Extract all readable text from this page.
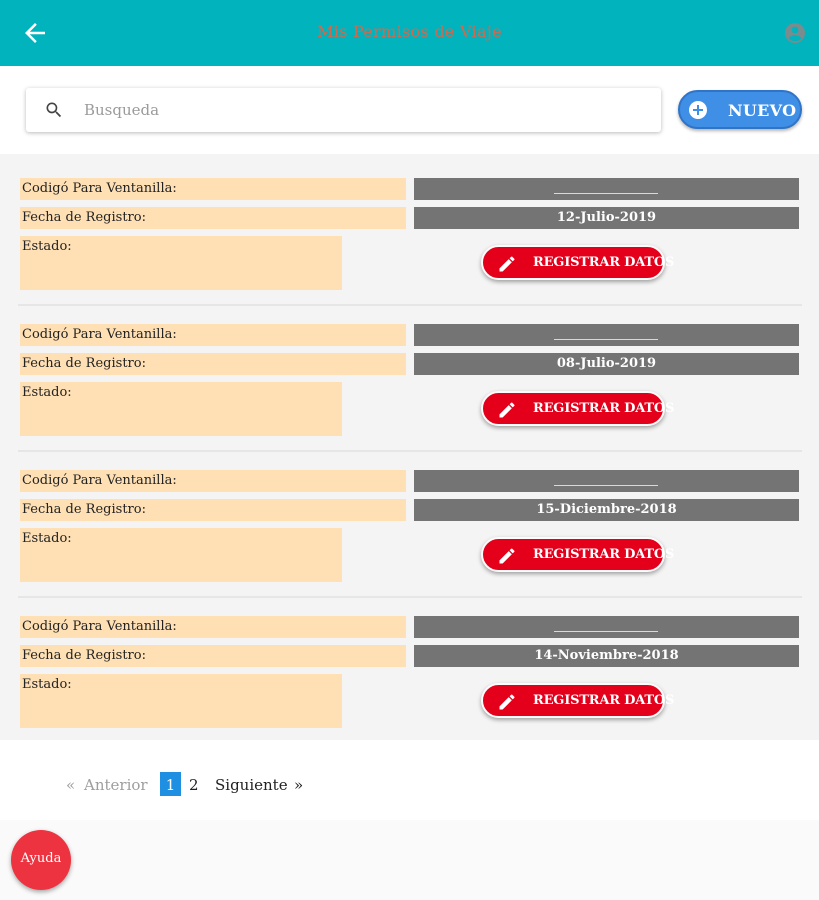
Mis Permisos de Viaje
Busqueda
NUEVO
Codigó Para Ventanilla:
Fecha de Registro:	12-Julio-2019
Estado:
REGISTRAR DATOS
Codigó Para Ventanilla:
Fecha de Registro:	08-Julio-2019
Estado:
REGISTRAR DATOS
Codigó Para Ventanilla:
Fecha de Registro:	15-Diciembre-2018
Estado:
REGISTRAR DATOS
Codigó Para Ventanilla:
Fecha de Registro:	14-Noviembre-2018
Estado:
REGISTRAR DATOS
« Anterior	1 2 Siguiente »
Ayuda
